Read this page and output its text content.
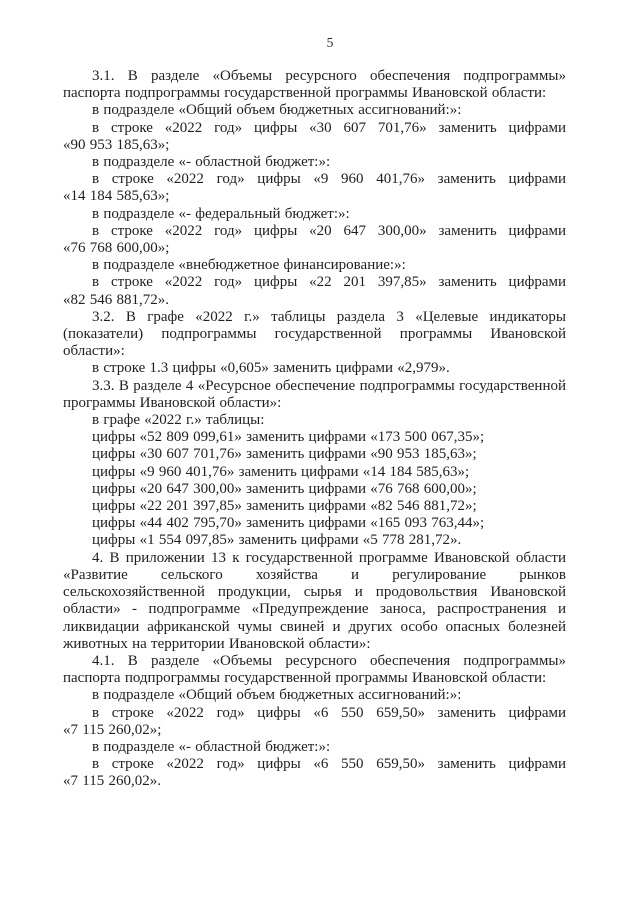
5

3.1. В разделе «Объемы ресурсного обеспечения подпрограммы» паспорта подпрограммы государственной программы Ивановской области:

в подразделе «Общий объем бюджетных ассигнований:»:

в строке «2022 год» цифры «30 607 701,76» заменить цифрами «90 953 185,63»;

в подразделе «- областной бюджет:»:

в строке «2022 год» цифры «9 960 401,76» заменить цифрами «14 184 585,63»;

в подразделе «- федеральный бюджет:»:

в строке «2022 год» цифры «20 647 300,00» заменить цифрами «76 768 600,00»;

в подразделе «внебюджетное финансирование:»:

в строке «2022 год» цифры «22 201 397,85» заменить цифрами «82 546 881,72».

3.2. В графе «2022 г.» таблицы раздела 3 «Целевые индикаторы (показатели) подпрограммы государственной программы Ивановской области»:

в строке 1.3 цифры «0,605» заменить цифрами «2,979».

3.3. В разделе 4 «Ресурсное обеспечение подпрограммы государственной программы Ивановской области»:

в графе «2022 г.» таблицы:

цифры «52 809 099,61» заменить цифрами «173 500 067,35»;

цифры «30 607 701,76» заменить цифрами «90 953 185,63»;

цифры «9 960 401,76» заменить цифрами «14 184 585,63»;

цифры «20 647 300,00» заменить цифрами «76 768 600,00»;

цифры «22 201 397,85» заменить цифрами «82 546 881,72»;

цифры «44 402 795,70» заменить цифрами «165 093 763,44»;

цифры «1 554 097,85» заменить цифрами «5 778 281,72».

4. В приложении 13 к государственной программе Ивановской области «Развитие сельского хозяйства и регулирование рынков сельскохозяйственной продукции, сырья и продовольствия Ивановской области» - подпрограмме «Предупреждение заноса, распространения и ликвидации африканской чумы свиней и других особо опасных болезней животных на территории Ивановской области»:

4.1. В разделе «Объемы ресурсного обеспечения подпрограммы» паспорта подпрограммы государственной программы Ивановской области:

в подразделе «Общий объем бюджетных ассигнований:»:

в строке «2022 год» цифры «6 550 659,50» заменить цифрами «7 115 260,02»;

в подразделе «- областной бюджет:»:

в строке «2022 год» цифры «6 550 659,50» заменить цифрами «7 115 260,02».
